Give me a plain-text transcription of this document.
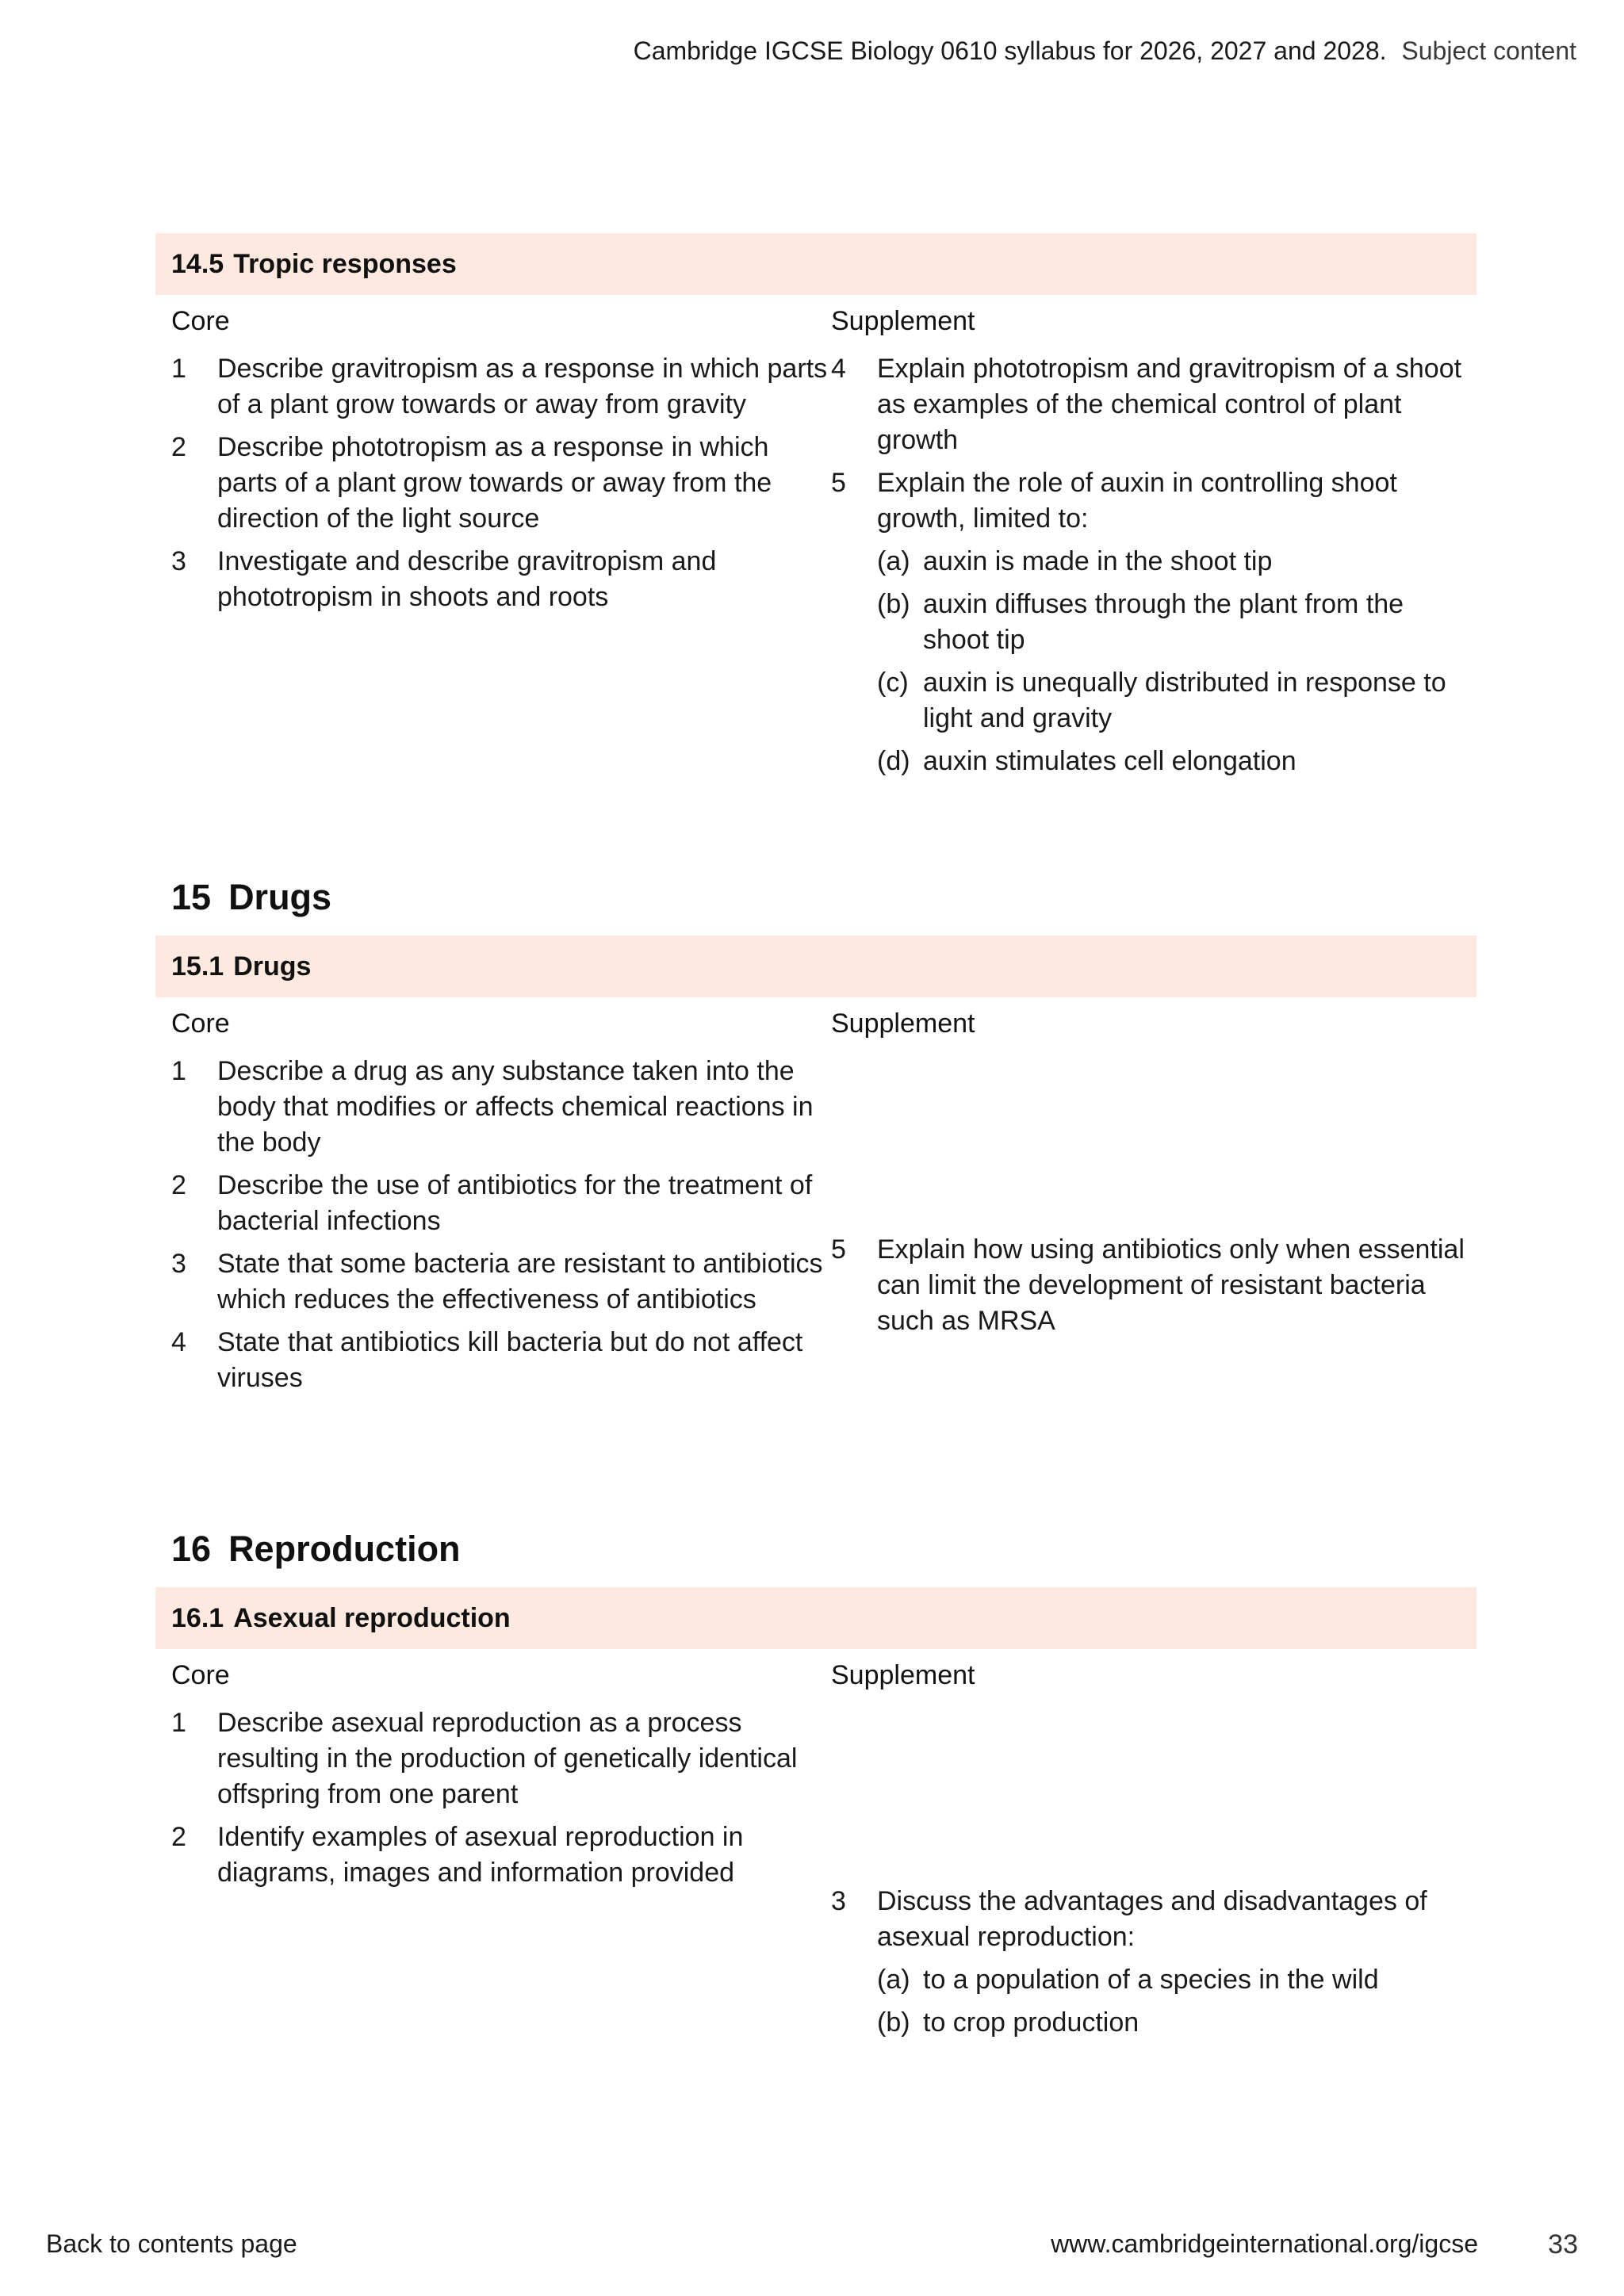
Cambridge IGCSE Biology 0610 syllabus for 2026, 2027 and 2028. Subject content
14.5 Tropic responses
Core
1 Describe gravitropism as a response in which parts of a plant grow towards or away from gravity
2 Describe phototropism as a response in which parts of a plant grow towards or away from the direction of the light source
3 Investigate and describe gravitropism and phototropism in shoots and roots
Supplement
4 Explain phototropism and gravitropism of a shoot as examples of the chemical control of plant growth
5 Explain the role of auxin in controlling shoot growth, limited to:
(a) auxin is made in the shoot tip
(b) auxin diffuses through the plant from the shoot tip
(c) auxin is unequally distributed in response to light and gravity
(d) auxin stimulates cell elongation
15 Drugs
15.1 Drugs
Core
1 Describe a drug as any substance taken into the body that modifies or affects chemical reactions in the body
2 Describe the use of antibiotics for the treatment of bacterial infections
3 State that some bacteria are resistant to antibiotics which reduces the effectiveness of antibiotics
4 State that antibiotics kill bacteria but do not affect viruses
Supplement
5 Explain how using antibiotics only when essential can limit the development of resistant bacteria such as MRSA
16 Reproduction
16.1 Asexual reproduction
Core
1 Describe asexual reproduction as a process resulting in the production of genetically identical offspring from one parent
2 Identify examples of asexual reproduction in diagrams, images and information provided
Supplement
3 Discuss the advantages and disadvantages of asexual reproduction:
(a) to a population of a species in the wild
(b) to crop production
Back to contents page	www.cambridgeinternational.org/igcse	33
